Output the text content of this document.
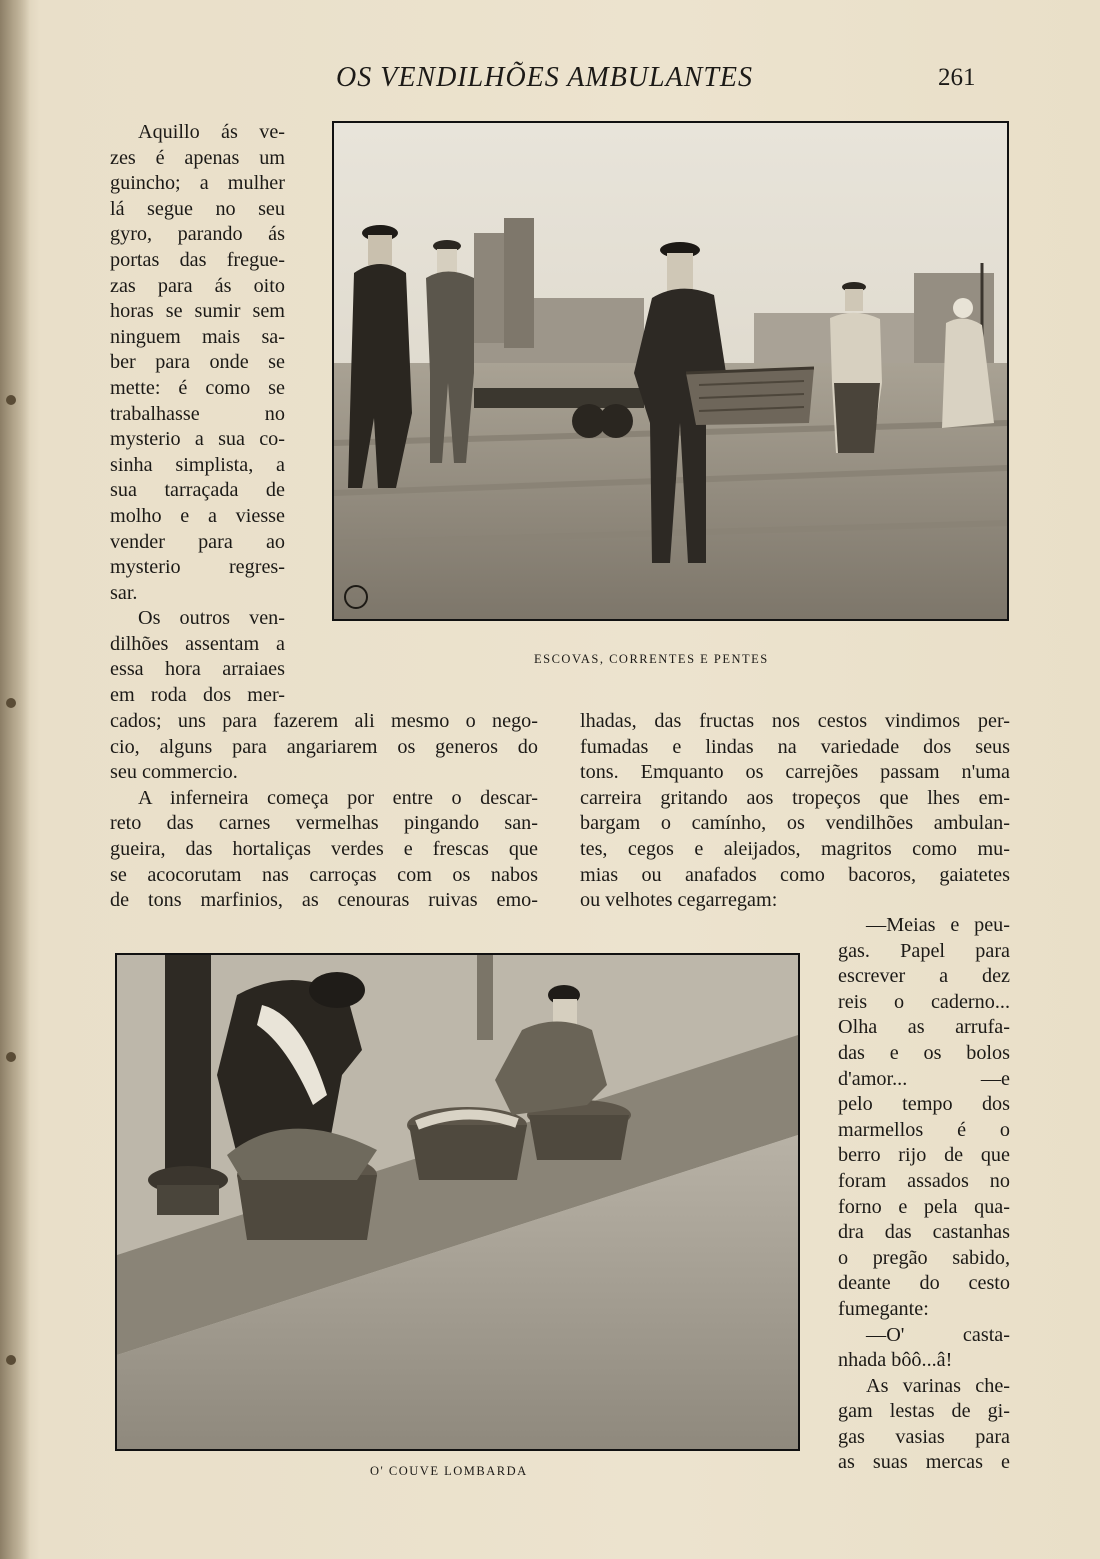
OS VENDILHÕES AMBULANTES	261
ESCOVAS, CORRENTES E PENTES
O' COUVE LOMBARDA
Aquillo ás ve-
zes é apenas um
guincho; a mulher
lá segue no seu
gyro, parando ás
portas das fregue-
zas para ás oito
horas se sumir sem
ninguem mais sa-
ber para onde se
mette: é como se
trabalhasse no
mysterio a sua co-
sinha simplista, a
sua tarraçada de
molho e a viesse
vender para ao
mysterio regres-
sar.
Os outros ven-
dilhões assentam a
essa hora arraiaes
em roda dos mer-
cados; uns para fazerem ali mesmo o nego-
cio, alguns para angariarem os generos do
seu commercio.
A inferneira começa por entre o descar-
reto das carnes vermelhas pingando san-
gueira, das hortaliças verdes e frescas que
se acocorutam nas carroças com os nabos
de tons marfinios, as cenouras ruivas emo-
lhadas, das fructas nos cestos vindimos per-
fumadas e lindas na variedade dos seus
tons. Emquanto os carrejões passam n'uma
carreira gritando aos tropeços que lhes em-
bargam o camínho, os vendilhões ambulan-
tes, cegos e aleijados, magritos como mu-
mias ou anafados como bacoros, gaiatetes
ou velhotes cegarregam:
—Meias e peu-
gas. Papel para
escrever a dez
reis o caderno...
Olha as arrufa-
das e os bolos
d'amor... —e
pelo tempo dos
marmellos é o
berro rijo de que
foram assados no
forno e pela qua-
dra das castanhas
o pregão sabido,
deante do cesto
fumegante:
—O' casta-
nhada bôô...â!
As varinas che-
gam lestas de gi-
gas vasias para
as suas mercas e
